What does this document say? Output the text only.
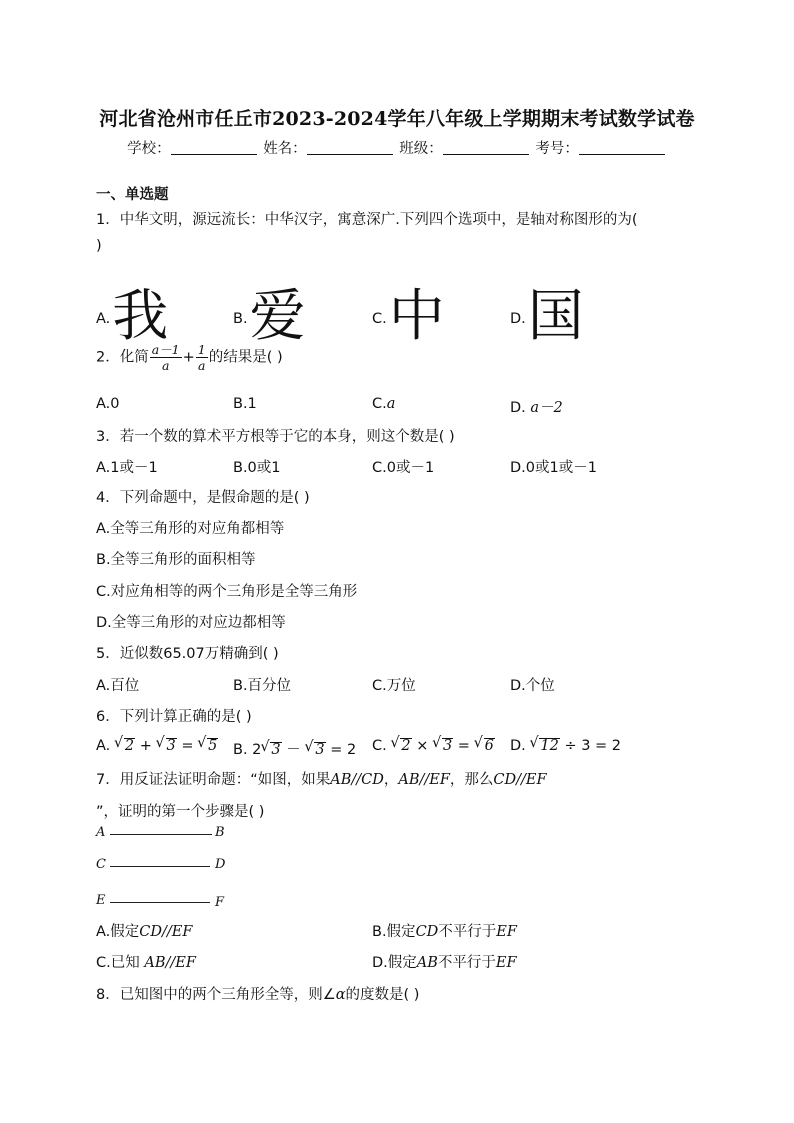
河北省沧州市任丘市2023-2024学年八年级上学期期末考试数学试卷
学校：	姓名：	班级：	考号：
一、单选题
1．中华文明，源远流长：中华汉字，寓意深广.下列四个选项中，是轴对称图形的为(
)
A.我	B.爱	C.中	D.国
2．化简 $\frac{a-1}{a} + \frac{1}{a}$ 的结果是( )
A.0	B.1	C.a	D. a－2
3．若一个数的算术平方根等于它的本身，则这个数是( )
A.1或－1	B.0或1	C.0或－1	D.0或1或－1
4．下列命题中，是假命题的是( )
A.全等三角形的对应角都相等
B.全等三角形的面积相等
C.对应角相等的两个三角形是全等三角形
D.全等三角形的对应边都相等
5．近似数65.07万精确到( )
A.百位	B.百分位	C.万位	D.个位
6．下列计算正确的是( )
A. √ 2 + √ 3 = √ 5 B. 2 √ 3 － √ 3 = 2 C. √ 2 × √ 3 = √ 6 D. √ 12 ÷ 3 = 2
7．用反证法证明命题：“如图，如果AB//CD，AB//EF，那么CD//EF
”，证明的第一个步骤是( )
A	B
C	D
E	F
A.假定CD//EF	B.假定CD不平行于EF
C.已知 AB//EF	D.假定AB不平行于EF
8．已知图中的两个三角形全等，则∠α的度数是( )
